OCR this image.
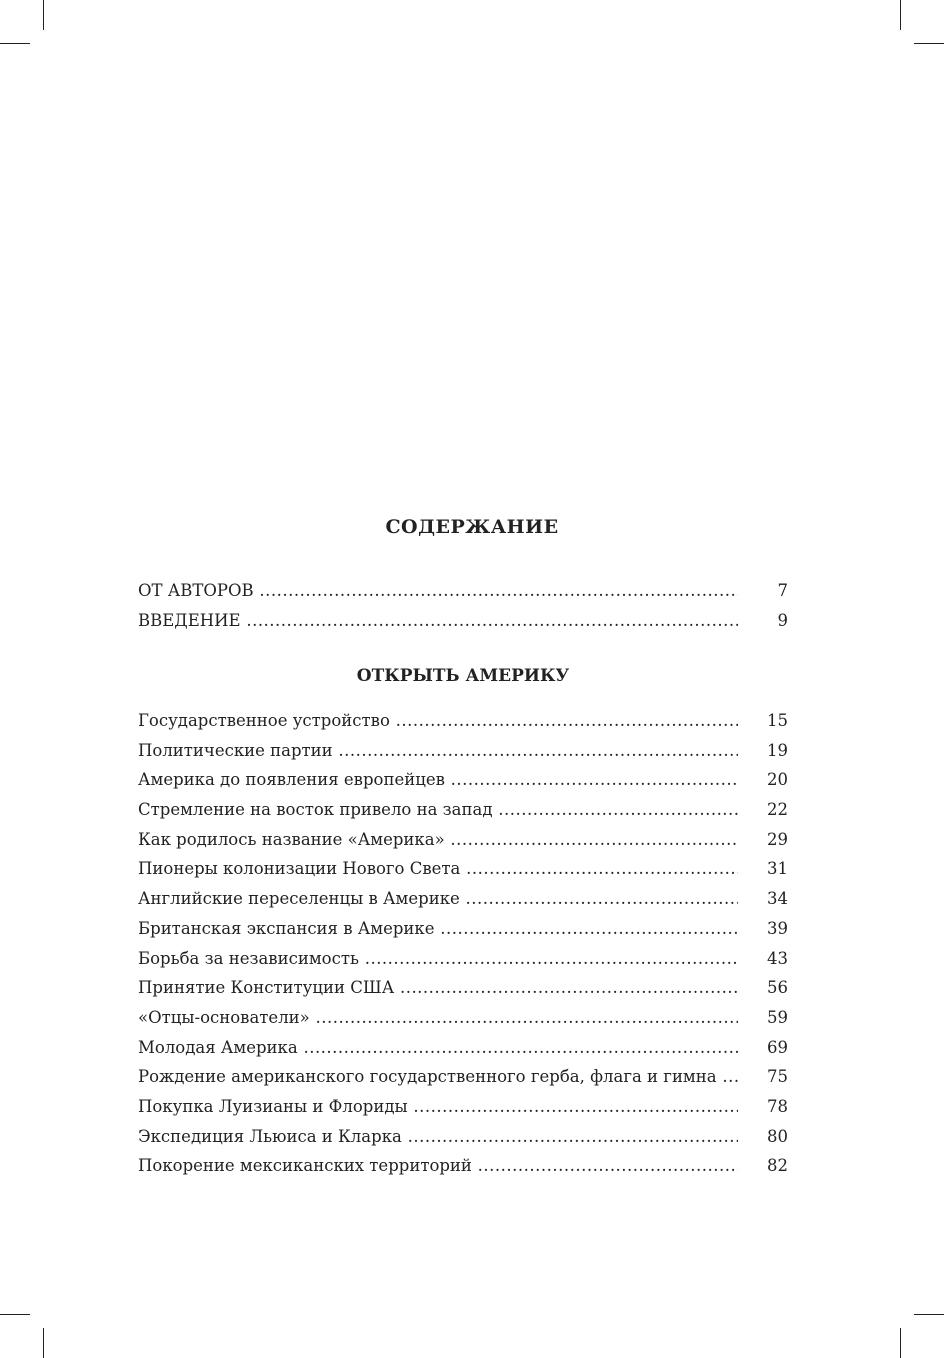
СОДЕРЖАНИЕ
ОТ АВТОРОВ .....	7
ВВЕДЕНИЕ .....	9
ОТКРЫТЬ АМЕРИКУ
Государственное устройство .....	15
Политические партии .....	19
Америка до появления европейцев .....	20
Стремление на восток привело на запад .....	22
Как родилось название «Америка» .....	29
Пионеры колонизации Нового Света .....	31
Английские переселенцы в Америке .....	34
Британская экспансия в Америке .....	39
Борьба за независимость .....	43
Принятие Конституции США .....	56
«Отцы-основатели» .....	59
Молодая Америка .....	69
Рождение американского государственного герба, флага и гимна .....	75
Покупка Луизианы и Флориды .....	78
Экспедиция Льюиса и Кларка .....	80
Покорение мексиканских территорий .....	82
